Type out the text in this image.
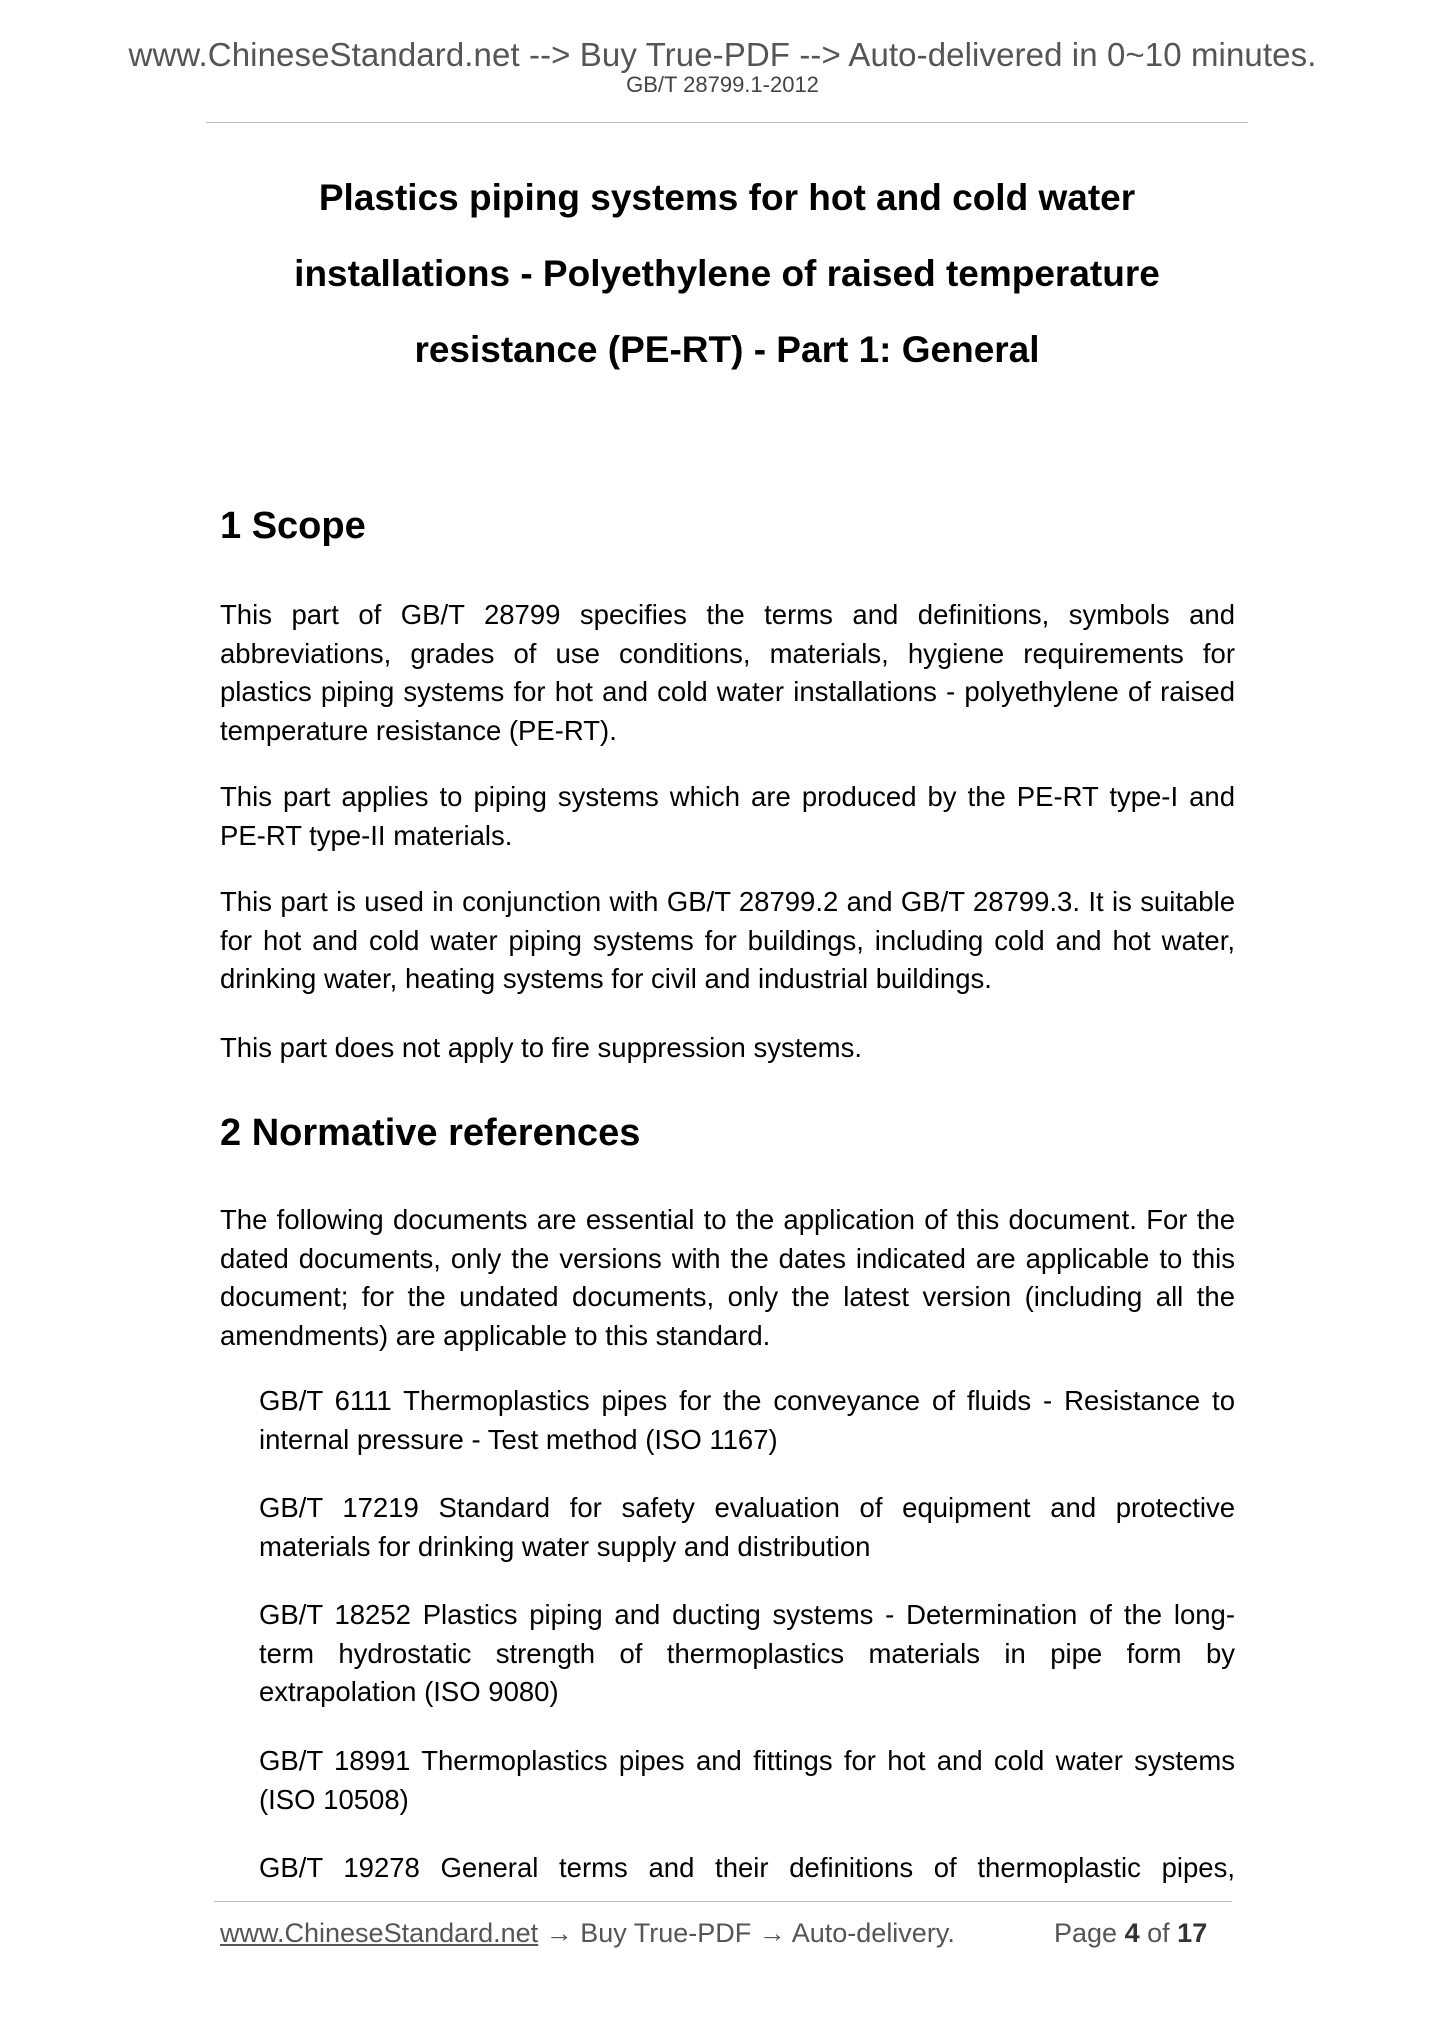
www.ChineseStandard.net --> Buy True-PDF --> Auto-delivered in 0~10 minutes.
GB/T 28799.1-2012
Plastics piping systems for hot and cold water
installations - Polyethylene of raised temperature
resistance (PE-RT) - Part 1: General
1 Scope

This part of GB/T 28799 specifies the terms and definitions, symbols and abbreviations, grades of use conditions, materials, hygiene requirements for plastics piping systems for hot and cold water installations - polyethylene of raised temperature resistance (PE-RT).

This part applies to piping systems which are produced by the PE-RT type-I and PE-RT type-II materials.

This part is used in conjunction with GB/T 28799.2 and GB/T 28799.3. It is suitable for hot and cold water piping systems for buildings, including cold and hot water, drinking water, heating systems for civil and industrial buildings.

This part does not apply to fire suppression systems.

2 Normative references

The following documents are essential to the application of this document. For the dated documents, only the versions with the dates indicated are applicable to this document; for the undated documents, only the latest version (including all the amendments) are applicable to this standard.

GB/T 6111 Thermoplastics pipes for the conveyance of fluids - Resistance to internal pressure - Test method (ISO 1167)

GB/T 17219 Standard for safety evaluation of equipment and protective materials for drinking water supply and distribution

GB/T 18252 Plastics piping and ducting systems - Determination of the long-term hydrostatic strength of thermoplastics materials in pipe form by extrapolation (ISO 9080)

GB/T 18991 Thermoplastics pipes and fittings for hot and cold water systems (ISO 10508)

GB/T 19278 General terms and their definitions of thermoplastic pipes,

www.ChineseStandard.net → Buy True-PDF → Auto-delivery.	Page 4 of 17
